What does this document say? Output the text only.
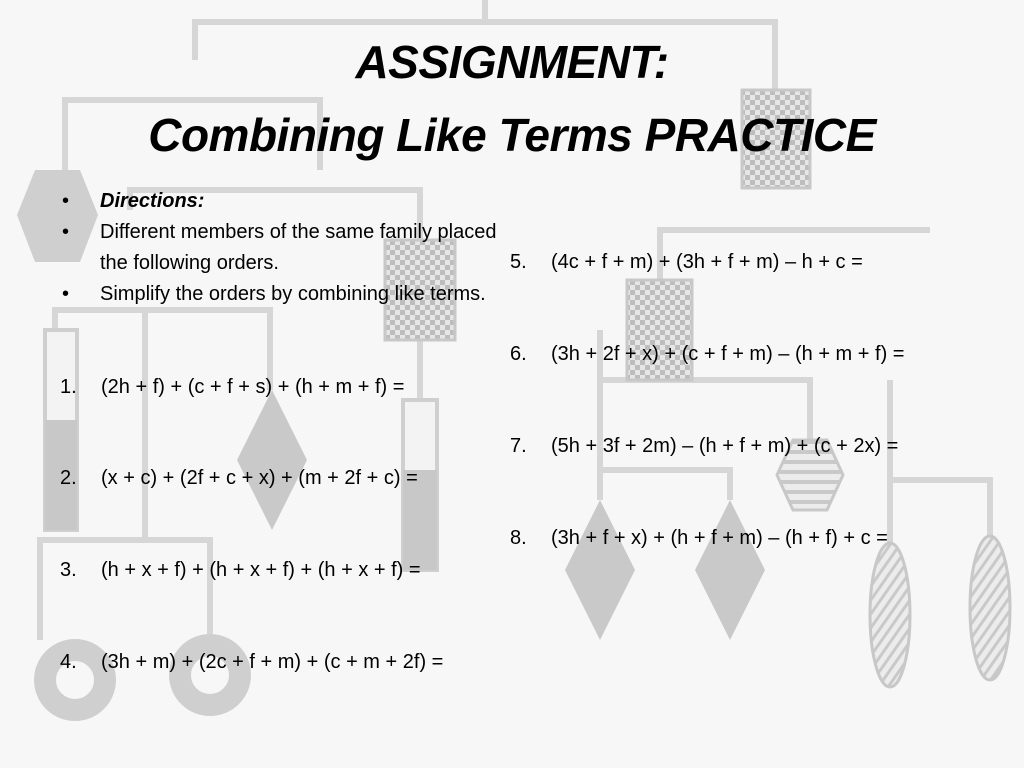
ASSIGNMENT:
Combining Like Terms PRACTICE
• Directions:
• Different members of the same family placed the following orders.
• Simplify the orders by combining like terms.
1. (2h + f) + (c + f + s) + (h + m + f) =
2. (x + c) + (2f + c + x) + (m + 2f + c) =
3. (h + x + f) + (h + x + f) + (h + x + f) =
4. (3h + m) + (2c + f + m) + (c + m + 2f) =
5. (4c + f + m) + (3h + f + m) – h + c =
6. (3h + 2f + x) + (c + f + m) – (h + m + f) =
7. (5h + 3f + 2m) – (h + f + m) + (c + 2x) =
8. (3h + f + x) + (h + f + m) – (h + f) + c =
